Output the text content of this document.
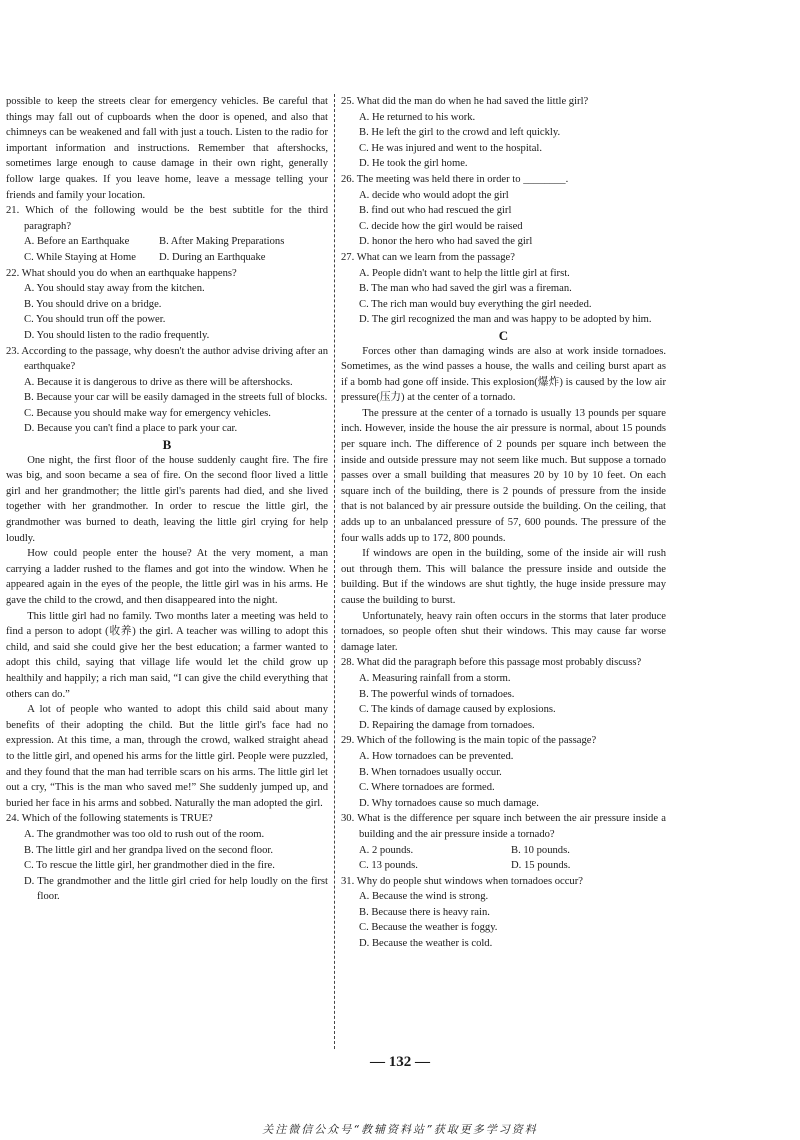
possible to keep the streets clear for emergency vehicles. Be careful that things may fall out of cupboards when the door is opened, and also that chimneys can be weakened and fall with just a touch. Listen to the radio for important information and instructions. Remember that aftershocks, sometimes large enough to cause damage in their own right, generally follow large quakes. If you leave home, leave a message telling your friends and family your location.

21. Which of the following would be the best subtitle for the third paragraph?

A. Before an Earthquake	B. After Making Preparations
C. While Staying at Home	D. During an Earthquake

22. What should you do when an earthquake happens?

A. You should stay away from the kitchen.

B. You should drive on a bridge.

C. You should trun off the power.

D. You should listen to the radio frequently.

23. According to the passage, why doesn't the author advise driving after an earthquake?

A. Because it is dangerous to drive as there will be aftershocks.

B. Because your car will be easily damaged in the streets full of blocks.

C. Because you should make way for emergency vehicles.

D. Because you can't find a place to park your car.

B

One night, the first floor of the house suddenly caught fire. The fire was big, and soon became a sea of fire. On the second floor lived a little girl and her grandmother; the little girl's parents had died, and she lived together with her grandmother. In order to rescue the little girl, the grandmother was burned to death, leaving the little girl crying for help loudly.

How could people enter the house? At the very moment, a man carrying a ladder rushed to the flames and got into the window. When he appeared again in the eyes of the people, the little girl was in his arms. He gave the child to the crowd, and then disappeared into the night.

This little girl had no family. Two months later a meeting was held to find a person to adopt (收养) the girl. A teacher was willing to adopt this child, and said she could give her the best education; a farmer wanted to adopt this child, saying that village life would let the child grow up healthily and happily; a rich man said, “I can give the child everything that others can do.”

A lot of people who wanted to adopt this child said about many benefits of their adopting the child. But the little girl's face had no expression. At this time, a man, through the crowd, walked straight ahead to the little girl, and opened his arms for the little girl. People were puzzled, and they found that the man had terrible scars on his arms. The little girl let out a cry, “This is the man who saved me!” She suddenly jumped up, and buried her face in his arms and sobbed. Naturally the man adopted the girl.

24. Which of the following statements is TRUE?

A. The grandmother was too old to rush out of the room.

B. The little girl and her grandpa lived on the second floor.

C. To rescue the little girl, her grandmother died in the fire.

D. The grandmother and the little girl cried for help loudly on the first floor.

25. What did the man do when he had saved the little girl?

A. He returned to his work.

B. He left the girl to the crowd and left quickly.

C. He was injured and went to the hospital.

D. He took the girl home.

26. The meeting was held there in order to ________.

A. decide who would adopt the girl

B. find out who had rescued the girl

C. decide how the girl would be raised

D. honor the hero who had saved the girl

27. What can we learn from the passage?

A. People didn't want to help the little girl at first.

B. The man who had saved the girl was a fireman.

C. The rich man would buy everything the girl needed.

D. The girl recognized the man and was happy to be adopted by him.

C

Forces other than damaging winds are also at work inside tornadoes. Sometimes, as the wind passes a house, the walls and ceiling burst apart as if a bomb had gone off inside. This explosion(爆炸) is caused by the low air pressure(压力) at the center of a tornado.

The pressure at the center of a tornado is usually 13 pounds per square inch. However, inside the house the air pressure is normal, about 15 pounds per square inch. The difference of 2 pounds per square inch between the inside and outside pressure may not seem like much. But suppose a tornado passes over a small building that measures 20 by 10 by 10 feet. On each square inch of the building, there is 2 pounds of pressure from the inside that is not balanced by air pressure outside the building. On the ceiling, that adds up to an unbalanced pressure of 57, 600 pounds. The pressure of the four walls adds up to 172, 800 pounds.

If windows are open in the building, some of the inside air will rush out through them. This will balance the pressure inside and outside the building. But if the windows are shut tightly, the huge inside pressure may cause the building to burst.

Unfortunately, heavy rain often occurs in the storms that later produce tornadoes, so people often shut their windows. This may cause far worse damage later.

28. What did the paragraph before this passage most probably discuss?

A. Measuring rainfall from a storm.

B. The powerful winds of tornadoes.

C. The kinds of damage caused by explosions.

D. Repairing the damage from tornadoes.

29. Which of the following is the main topic of the passage?

A. How tornadoes can be prevented.

B. When tornadoes usually occur.

C. Where tornadoes are formed.

D. Why tornadoes cause so much damage.

30. What is the difference per square inch between the air pressure inside a building and the air pressure inside a tornado?

A. 2 pounds.	B. 10 pounds.
C. 13 pounds.	D. 15 pounds.

31. Why do people shut windows when tornadoes occur?

A. Because the wind is strong.

B. Because there is heavy rain.

C. Because the weather is foggy.

D. Because the weather is cold.

— 132 —
关注微信公众号“教辅资料站”获取更多学习资料
